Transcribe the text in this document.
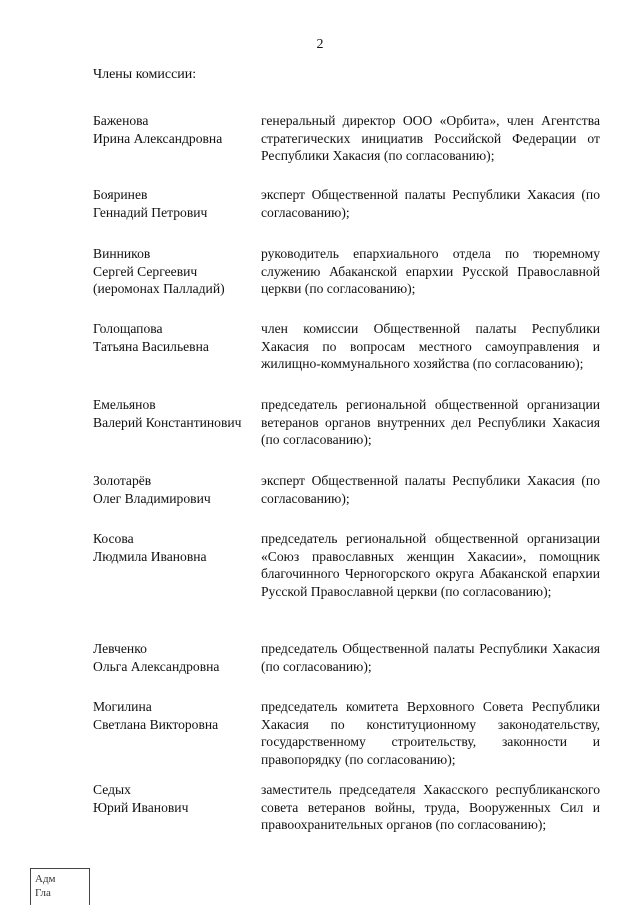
2
Члены комиссии:
Баженова
Ирина Александровна
генеральный директор ООО «Орбита», член Агентства стратегических инициатив Российской Федерации от Республики Хакасия (по согласованию);
Бояринев
Геннадий Петрович
эксперт Общественной палаты Республики Хакасия (по согласованию);
Винников
Сергей Сергеевич
(иеромонах Палладий)
руководитель епархиального отдела по тюремному служению Абаканской епархии Русской Православной церкви (по согласованию);
Голощапова
Татьяна Васильевна
член комиссии Общественной палаты Республики Хакасия по вопросам местного самоуправления и жилищно-коммунального хозяйства (по согласованию);
Емельянов
Валерий Константинович
председатель региональной общественной организации ветеранов органов внутренних дел Республики Хакасия (по согласованию);
Золотарёв
Олег Владимирович
эксперт Общественной палаты Республики Хакасия (по согласованию);
Косова
Людмила Ивановна
председатель региональной общественной организации «Союз православных женщин Хакасии», помощник благочинного Черногорского округа Абаканской епархии Русской Православной церкви (по согласованию);
Левченко
Ольга Александровна
председатель Общественной палаты Республики Хакасия (по согласованию);
Могилина
Светлана Викторовна
председатель комитета Верховного Совета Республики Хакасия по конституционному законодательству, государственному строительству, законности и правопорядку (по согласованию);
Седых
Юрий Иванович
заместитель председателя Хакасского республиканского совета ветеранов войны, труда, Вооруженных Сил и правоохранительных органов (по согласованию);
Адм
Гла
